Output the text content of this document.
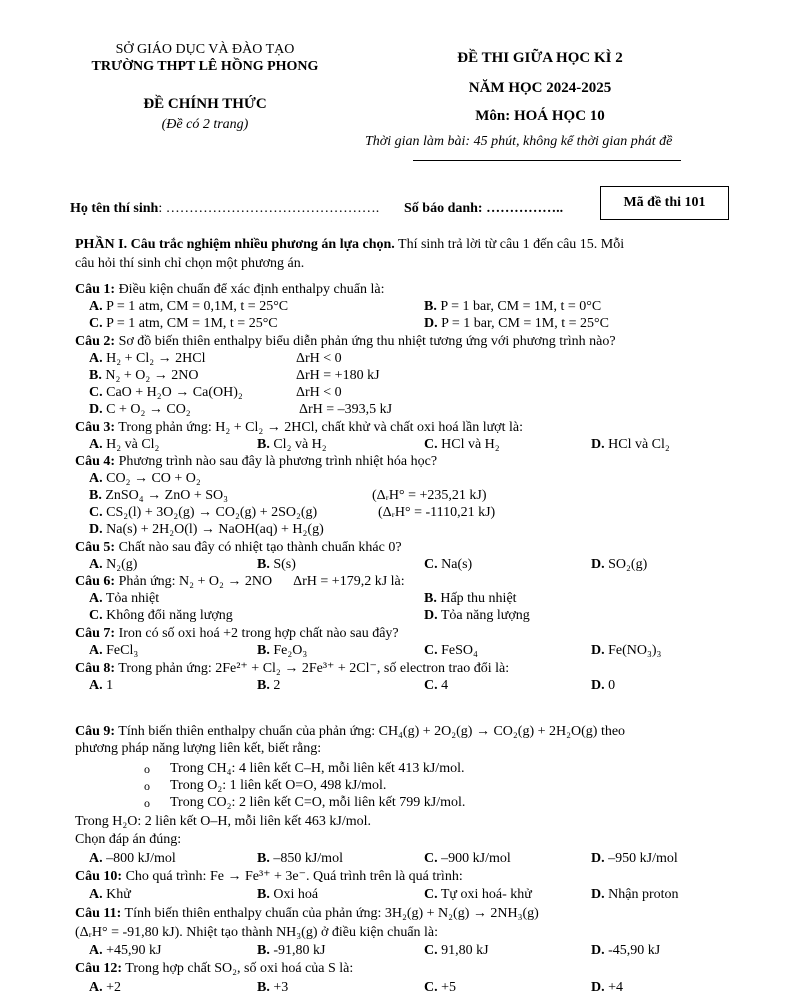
SỞ GIÁO DỤC VÀ ĐÀO TẠO
TRƯỜNG THPT LÊ HỒNG PHONG
ĐỀ CHÍNH THỨC
(Đề có 2 trang)
ĐỀ THI GIỮA HỌC KÌ 2
NĂM HỌC 2024-2025
Môn: HOÁ HỌC 10
Thời gian làm bài: 45 phút, không kể thời gian phát đề
Họ tên thí sinh: ………………………………………. Số báo danh: ……………..	Mã đề thi 101
PHẦN I. Câu trắc nghiệm nhiều phương án lựa chọn. Thí sinh trả lời từ câu 1 đến câu 15. Mỗi
câu hỏi thí sinh chỉ chọn một phương án.
Câu 1: Điều kiện chuẩn để xác định enthalpy chuẩn là:
A. P = 1 atm, CM = 0,1M, t = 25°C	B. P = 1 bar, CM = 1M, t = 0°C
C. P = 1 atm, CM = 1M, t = 25°C	D. P = 1 bar, CM = 1M, t = 25°C
Câu 2: Sơ đồ biến thiên enthalpy biểu diễn phản ứng thu nhiệt tương ứng với phương trình nào?
A. H₂ + Cl₂ → 2HCl	ΔrH < 0
B. N₂ + O₂ → 2NO	ΔrH = +180 kJ
C. CaO + H₂O → Ca(OH)₂	ΔrH < 0
D. C + O₂ → CO₂	ΔrH = –393,5 kJ
Câu 3: Trong phản ứng: H₂ + Cl₂ → 2HCl, chất khử và chất oxi hoá lần lượt là:
A. H₂ và Cl₂	B. Cl₂ và H₂	C. HCl và H₂	D. HCl và Cl₂
Câu 4: Phương trình nào sau đây là phương trình nhiệt hóa học?
A. CO₂ → CO + O₂
B. ZnSO₄ → ZnO + SO₃	(ΔᵣH° = +235,21 kJ)
C. CS₂(l) + 3O₂(g) → CO₂(g) + 2SO₂(g)	(ΔᵣH° = -1110,21 kJ)
D. Na(s) + 2H₂O(l) → NaOH(aq) + H₂(g)
Câu 5: Chất nào sau đây có nhiệt tạo thành chuẩn khác 0?
A. N₂(g)	B. S(s)	C. Na(s)	D. SO₂(g)
Câu 6: Phản ứng: N₂ + O₂ → 2NO      ΔrH = +179,2 kJ là:
A. Tỏa nhiệt	B. Hấp thu nhiệt
C. Không đổi năng lượng	D. Tỏa năng lượng
Câu 7: Iron có số oxi hoá +2 trong hợp chất nào sau đây?
A. FeCl₃	B. Fe₂O₃	C. FeSO₄	D. Fe(NO₃)₃
Câu 8: Trong phản ứng: 2Fe²⁺ + Cl₂ → 2Fe³⁺ + 2Cl⁻, số electron trao đổi là:
A. 1	B. 2	C. 4	D. 0
Câu 9: Tính biến thiên enthalpy chuẩn của phản ứng: CH₄(g) + 2O₂(g) → CO₂(g) + 2H₂O(g) theo
phương pháp năng lượng liên kết, biết rằng:
o Trong CH₄: 4 liên kết C–H, mỗi liên kết 413 kJ/mol.
o Trong O₂: 1 liên kết O=O, 498 kJ/mol.
o Trong CO₂: 2 liên kết C=O, mỗi liên kết 799 kJ/mol.
Trong H₂O: 2 liên kết O–H, mỗi liên kết 463 kJ/mol.
Chọn đáp án đúng:
A. –800 kJ/mol	B. –850 kJ/mol	C. –900 kJ/mol	D. –950 kJ/mol
Câu 10: Cho quá trình: Fe → Fe³⁺ + 3e⁻. Quá trình trên là quá trình:
A. Khử	B. Oxi hoá	C. Tự oxi hoá- khử	D. Nhận proton
Câu 11: Tính biến thiên enthalpy chuẩn của phản ứng: 3H₂(g) + N₂(g) → 2NH₃(g)
(ΔᵣH° = -91,80 kJ). Nhiệt tạo thành NH₃(g) ở điều kiện chuẩn là:
A. +45,90 kJ	B. -91,80 kJ	C. 91,80 kJ	D. -45,90 kJ
Câu 12: Trong hợp chất SO₂, số oxi hoá của S là:
A. +2	B. +3	C. +5	D. +4
